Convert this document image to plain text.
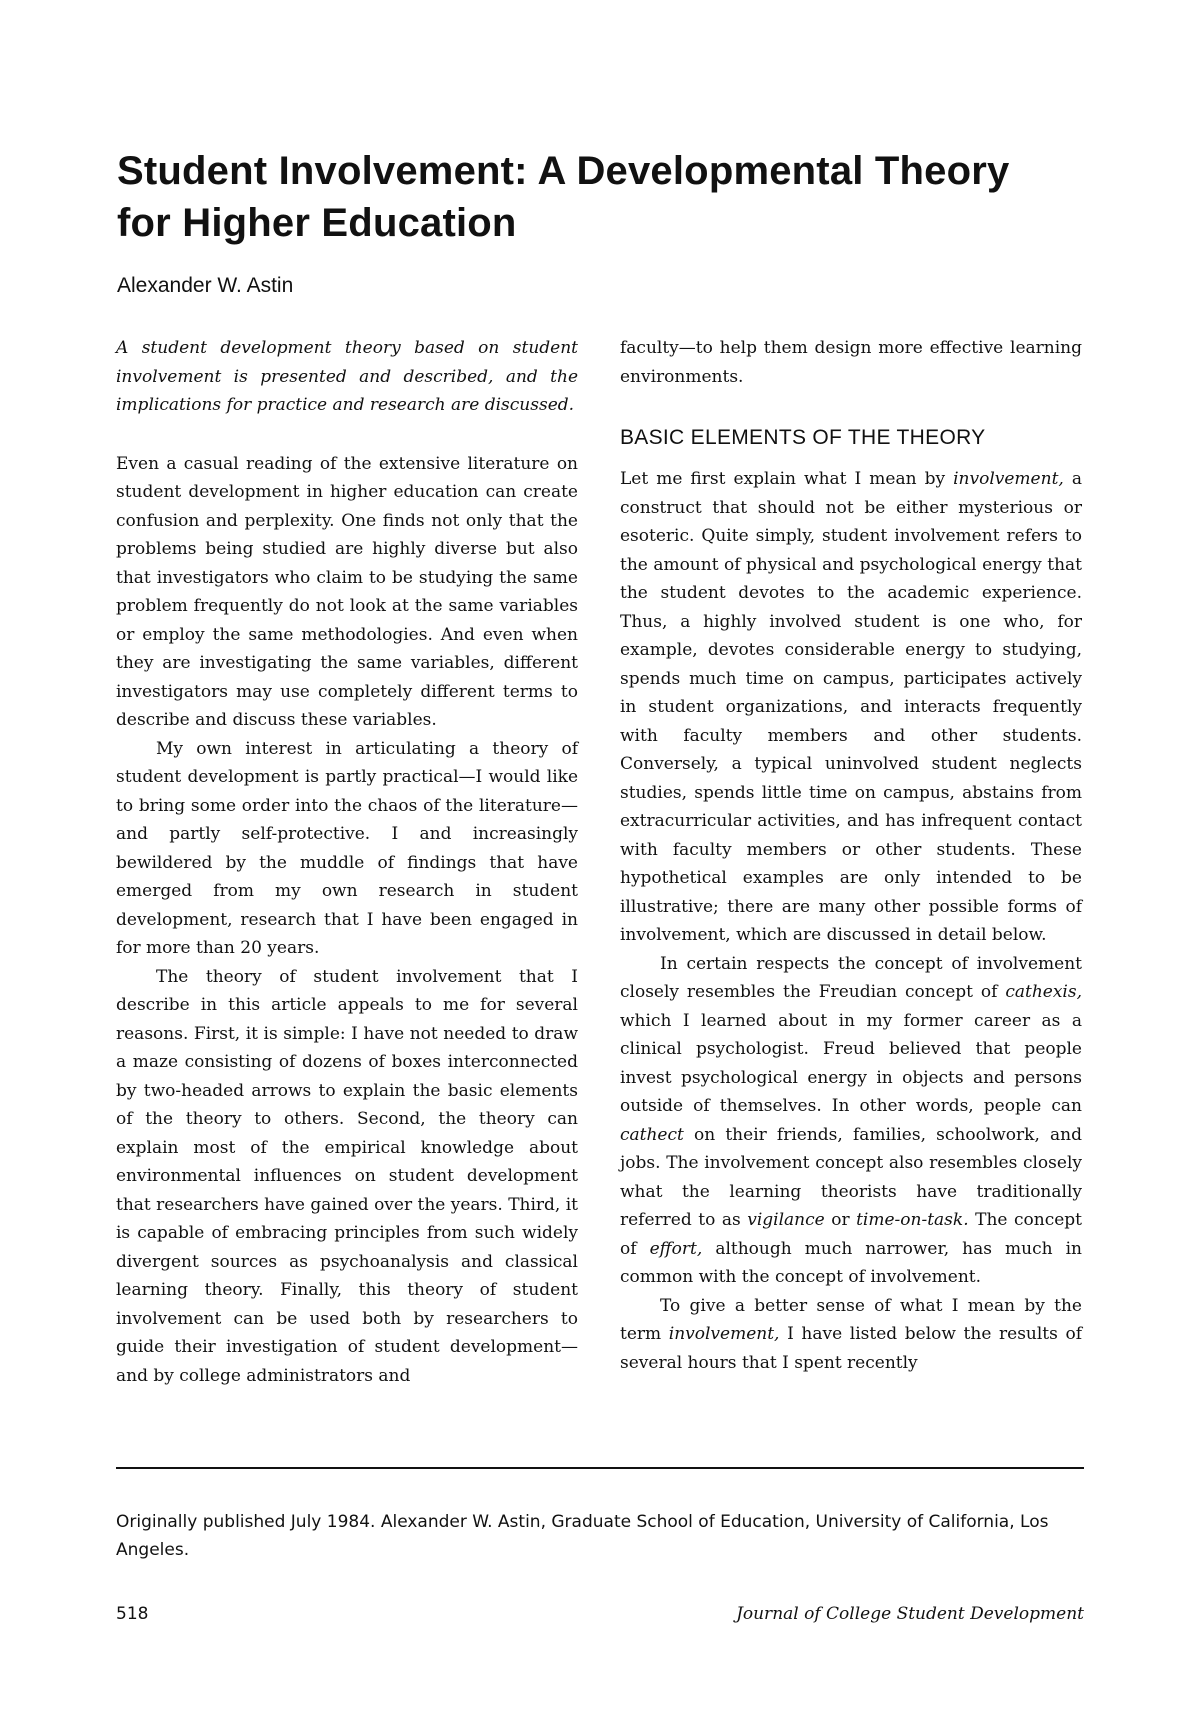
Student Involvement: A Developmental Theory
for Higher Education
Alexander W. Astin

A student development theory based on student involvement is presented and described, and the implications for practice and research are discussed.

Even a casual reading of the extensive literature on student development in higher education can create confusion and perplexity. One finds not only that the problems being studied are highly diverse but also that investigators who claim to be studying the same problem frequently do not look at the same variables or employ the same methodologies. And even when they are investigating the same variables, different investigators may use completely different terms to describe and discuss these variables.

My own interest in articulating a theory of student development is partly practical—I would like to bring some order into the chaos of the literature—and partly self-protective. I and increasingly bewildered by the muddle of findings that have emerged from my own research in student development, research that I have been engaged in for more than 20 years.

The theory of student involvement that I describe in this article appeals to me for several reasons. First, it is simple: I have not needed to draw a maze consisting of dozens of boxes interconnected by two-headed arrows to explain the basic elements of the theory to others. Second, the theory can explain most of the empirical knowledge about environmental influences on student development that researchers have gained over the years. Third, it is capable of embracing principles from such widely divergent sources as psychoanalysis and classical learning theory. Finally, this theory of student involvement can be used both by researchers to guide their investigation of student development—and by college administrators and

faculty—to help them design more effective learning environments.

BASIC ELEMENTS OF THE THEORY

Let me first explain what I mean by involvement, a construct that should not be either mysterious or esoteric. Quite simply, student involvement refers to the amount of physical and psychological energy that the student devotes to the academic experience. Thus, a highly involved student is one who, for example, devotes considerable energy to studying, spends much time on campus, participates actively in student organizations, and interacts frequently with faculty members and other students. Conversely, a typical uninvolved student neglects studies, spends little time on campus, abstains from extracurricular activities, and has infrequent contact with faculty members or other students. These hypothetical examples are only intended to be illustrative; there are many other possible forms of involvement, which are discussed in detail below.

In certain respects the concept of involvement closely resembles the Freudian concept of cathexis, which I learned about in my former career as a clinical psychologist. Freud believed that people invest psychological energy in objects and persons outside of themselves. In other words, people can cathect on their friends, families, schoolwork, and jobs. The involvement concept also resembles closely what the learning theorists have traditionally referred to as vigilance or time-on-task. The concept of effort, although much narrower, has much in common with the concept of involvement.

To give a better sense of what I mean by the term involvement, I have listed below the results of several hours that I spent recently

Originally published July 1984. Alexander W. Astin, Graduate School of Education, University of California, Los Angeles.
518	Journal of College Student Development
